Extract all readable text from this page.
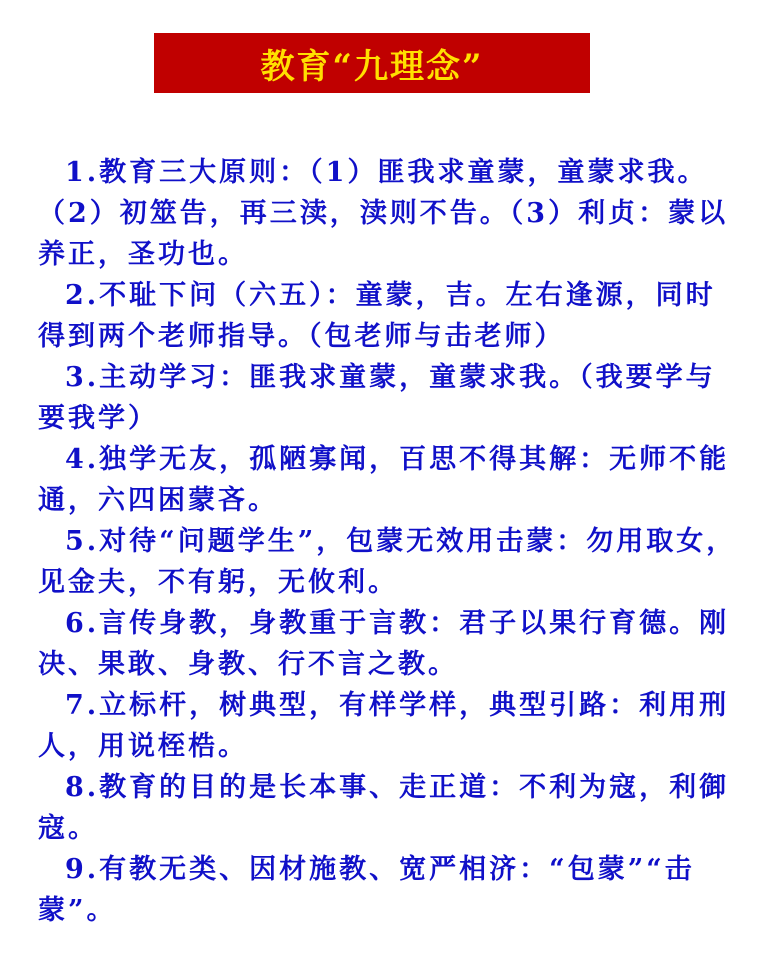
教育“九理念”

1.教育三大原则：（1）匪我求童蒙，童蒙求我。（2）初筮告，再三渎，渎则不告。（3）利贞：蒙以养正，圣功也。

2.不耻下问（六五）：童蒙，吉。左右逢源，同时得到两个老师指导。（包老师与击老师）

3.主动学习：匪我求童蒙，童蒙求我。（我要学与要我学）

4.独学无友，孤陋寡闻，百思不得其解：无师不能通，六四困蒙吝。

5.对待“问题学生”，包蒙无效用击蒙：勿用取女，见金夫，不有躬，无攸利。

6.言传身教，身教重于言教：君子以果行育德。刚决、果敢、身教、行不言之教。

7.立标杆，树典型，有样学样，典型引路：利用刑人，用说桎梏。

8.教育的目的是长本事、走正道：不利为寇，利御寇。

9.有教无类、因材施教、宽严相济：“包蒙”“击蒙”。
